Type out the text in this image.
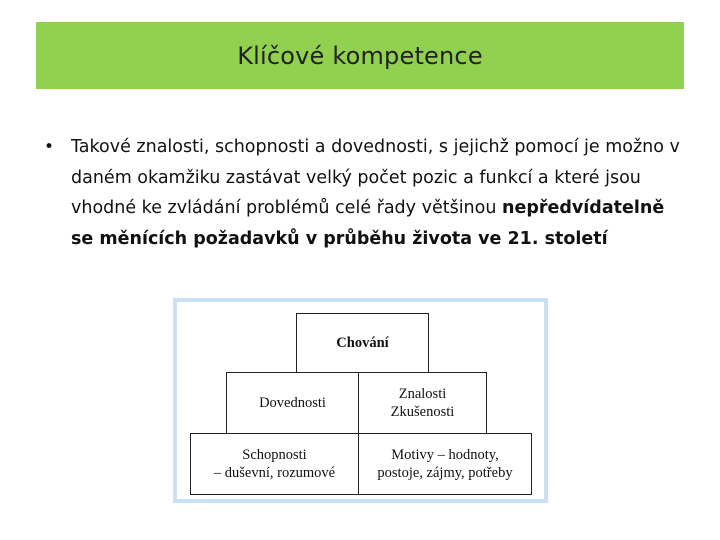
Klíčové kompetence
• Takové znalosti, schopnosti a dovednosti, s jejichž pomocí je možno v daném okamžiku zastávat velký počet pozic a funkcí a které jsou vhodné ke zvládání problémů celé řady většinou nepředvídatelně se měnících požadavků v průběhu života ve 21. století
Chování
Dovednosti
Znalosti
Zkušenosti
Schopnosti
– duševní, rozumové
Motivy – hodnoty,
postoje, zájmy, potřeby
